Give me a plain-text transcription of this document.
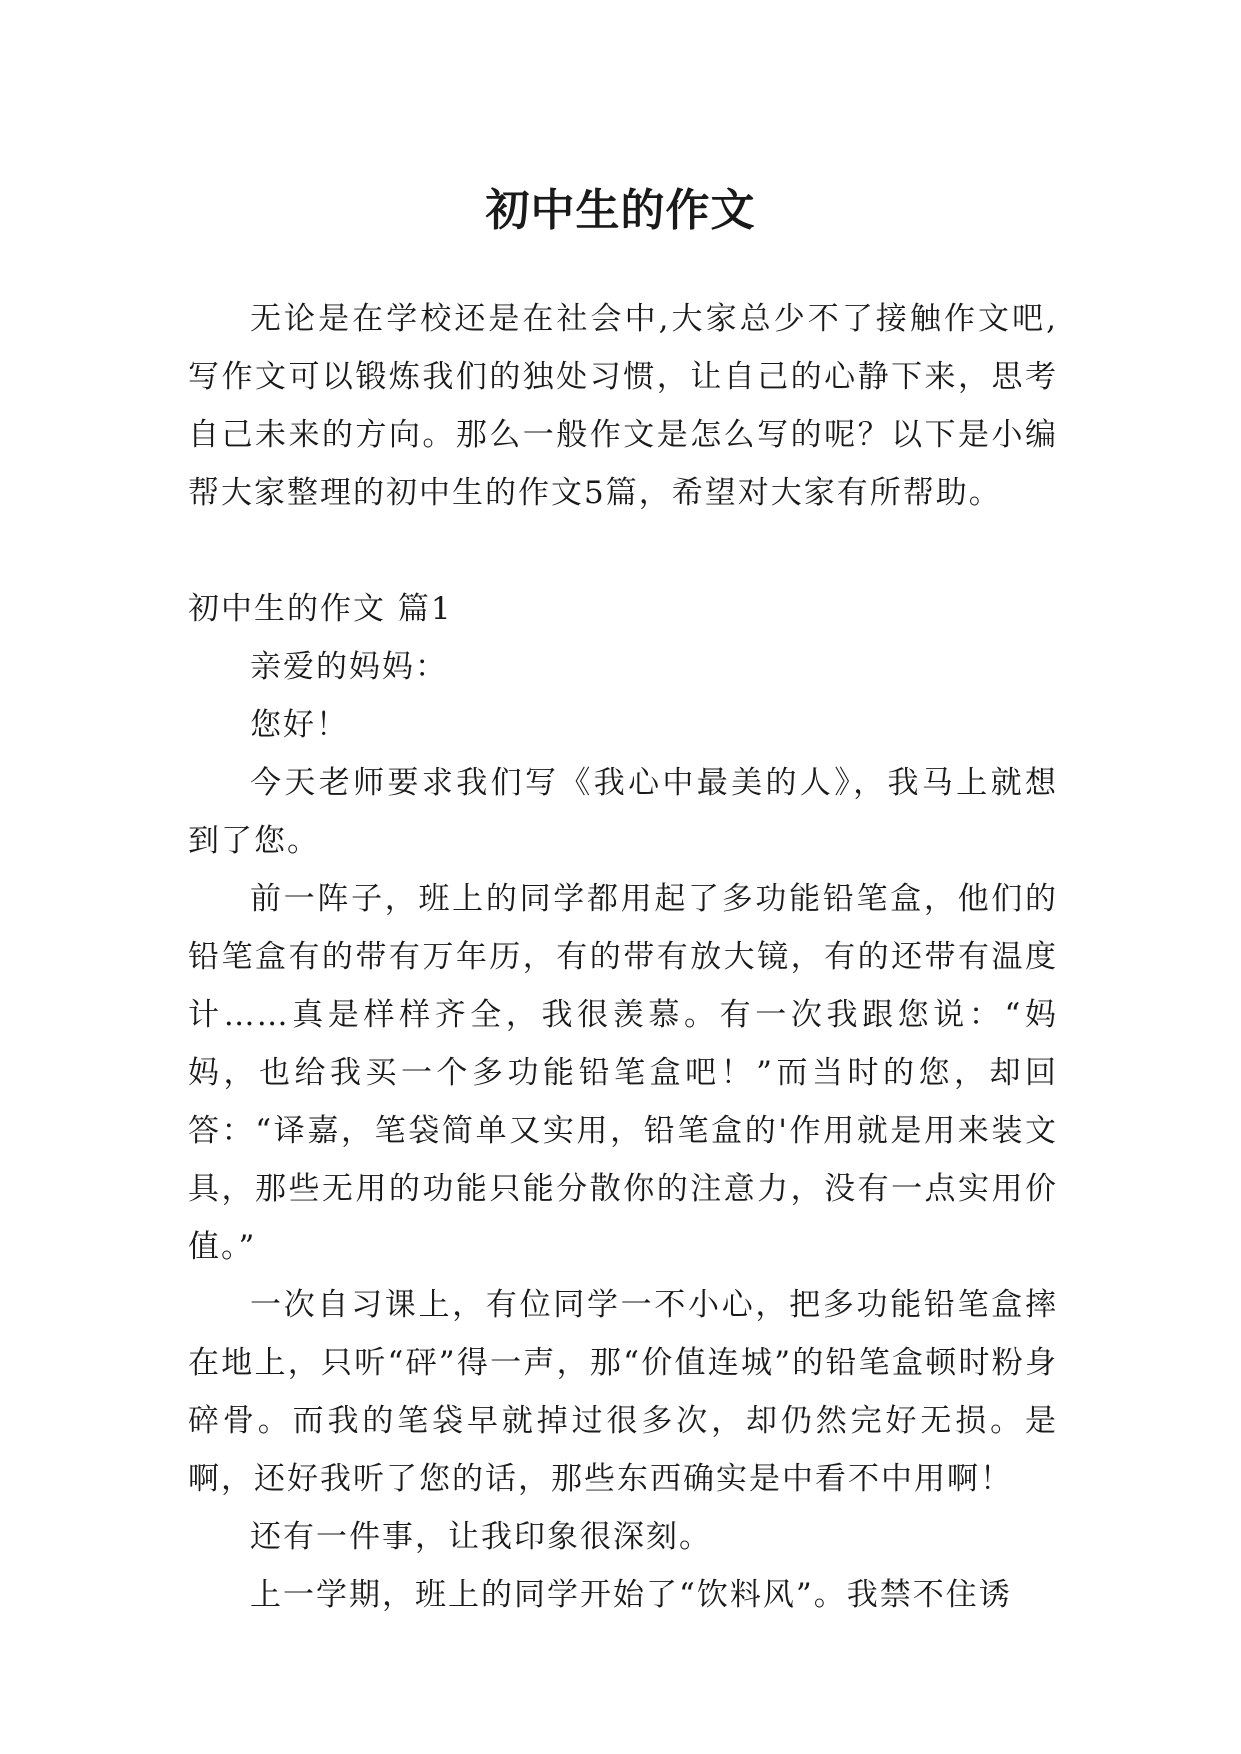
初中生的作文

无论是在学校还是在社会中,大家总少不了接触作文吧,写作文可以锻炼我们的独处习惯，让自己的心静下来，思考自己未来的方向。那么一般作文是怎么写的呢？以下是小编帮大家整理的初中生的作文5篇，希望对大家有所帮助。

初中生的作文 篇1

亲爱的妈妈：

您好！

今天老师要求我们写《我心中最美的人》，我马上就想到了您。

前一阵子，班上的同学都用起了多功能铅笔盒，他们的铅笔盒有的带有万年历，有的带有放大镜，有的还带有温度计……真是样样齐全，我很羡慕。有一次我跟您说：“妈妈，也给我买一个多功能铅笔盒吧！”而当时的您，却回答：“译嘉，笔袋简单又实用，铅笔盒的'作用就是用来装文具，那些无用的功能只能分散你的注意力，没有一点实用价值。”

一次自习课上，有位同学一不小心，把多功能铅笔盒摔在地上，只听“砰”得一声，那“价值连城”的铅笔盒顿时粉身碎骨。而我的笔袋早就掉过很多次，却仍然完好无损。是啊，还好我听了您的话，那些东西确实是中看不中用啊！

还有一件事，让我印象很深刻。

上一学期，班上的同学开始了“饮料风”。我禁不住诱
